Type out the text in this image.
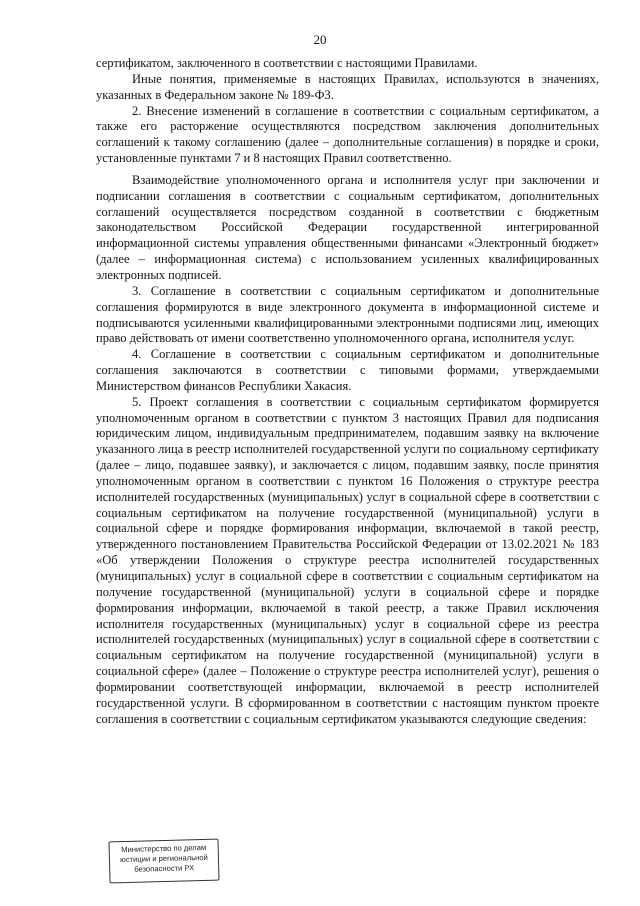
20

сертификатом, заключенного в соответствии с настоящими Правилами.

Иные понятия, применяемые в настоящих Правилах, используются в значениях, указанных в Федеральном законе № 189-ФЗ.

2. Внесение изменений в соглашение в соответствии с социальным сертификатом, а также его расторжение осуществляются посредством заключения дополнительных соглашений к такому соглашению (далее – дополнительные соглашения) в порядке и сроки, установленные пунктами 7 и 8 настоящих Правил соответственно.

Взаимодействие уполномоченного органа и исполнителя услуг при заключении и подписании соглашения в соответствии с социальным сертификатом, дополнительных соглашений осуществляется посредством созданной в соответствии с бюджетным законодательством Российской Федерации государственной интегрированной информационной системы управления общественными финансами «Электронный бюджет» (далее – информационная система) с использованием усиленных квалифицированных электронных подписей.

3. Соглашение в соответствии с социальным сертификатом и дополнительные соглашения формируются в виде электронного документа в информационной системе и подписываются усиленными квалифицированными электронными подписями лиц, имеющих право действовать от имени соответственно уполномоченного органа, исполнителя услуг.

4. Соглашение в соответствии с социальным сертификатом и дополнительные соглашения заключаются в соответствии с типовыми формами, утверждаемыми Министерством финансов Республики Хакасия.

5. Проект соглашения в соответствии с социальным сертификатом формируется уполномоченным органом в соответствии с пунктом 3 настоящих Правил для подписания юридическим лицом, индивидуальным предпринимателем, подавшим заявку на включение указанного лица в реестр исполнителей государственной услуги по социальному сертификату (далее – лицо, подавшее заявку), и заключается с лицом, подавшим заявку, после принятия уполномоченным органом в соответствии с пунктом 16 Положения о структуре реестра исполнителей государственных (муниципальных) услуг в социальной сфере в соответствии с социальным сертификатом на получение государственной (муниципальной) услуги в социальной сфере и порядке формирования информации, включаемой в такой реестр, утвержденного постановлением Правительства Российской Федерации от 13.02.2021 № 183 «Об утверждении Положения о структуре реестра исполнителей государственных (муниципальных) услуг в социальной сфере в соответствии с социальным сертификатом на получение государственной (муниципальной) услуги в социальной сфере и порядке формирования информации, включаемой в такой реестр, а также Правил исключения исполнителя государственных (муниципальных) услуг в социальной сфере из реестра исполнителей государственных (муниципальных) услуг в социальной сфере в соответствии с социальным сертификатом на получение государственной (муниципальной) услуги в социальной сфере» (далее – Положение о структуре реестра исполнителей услуг), решения о формировании соответствующей информации, включаемой в реестр исполнителей государственной услуги. В сформированном в соответствии с настоящим пунктом проекте соглашения в соответствии с социальным сертификатом указываются следующие сведения:

Министерство по делам
юстиции и региональной
безопасности РХ
